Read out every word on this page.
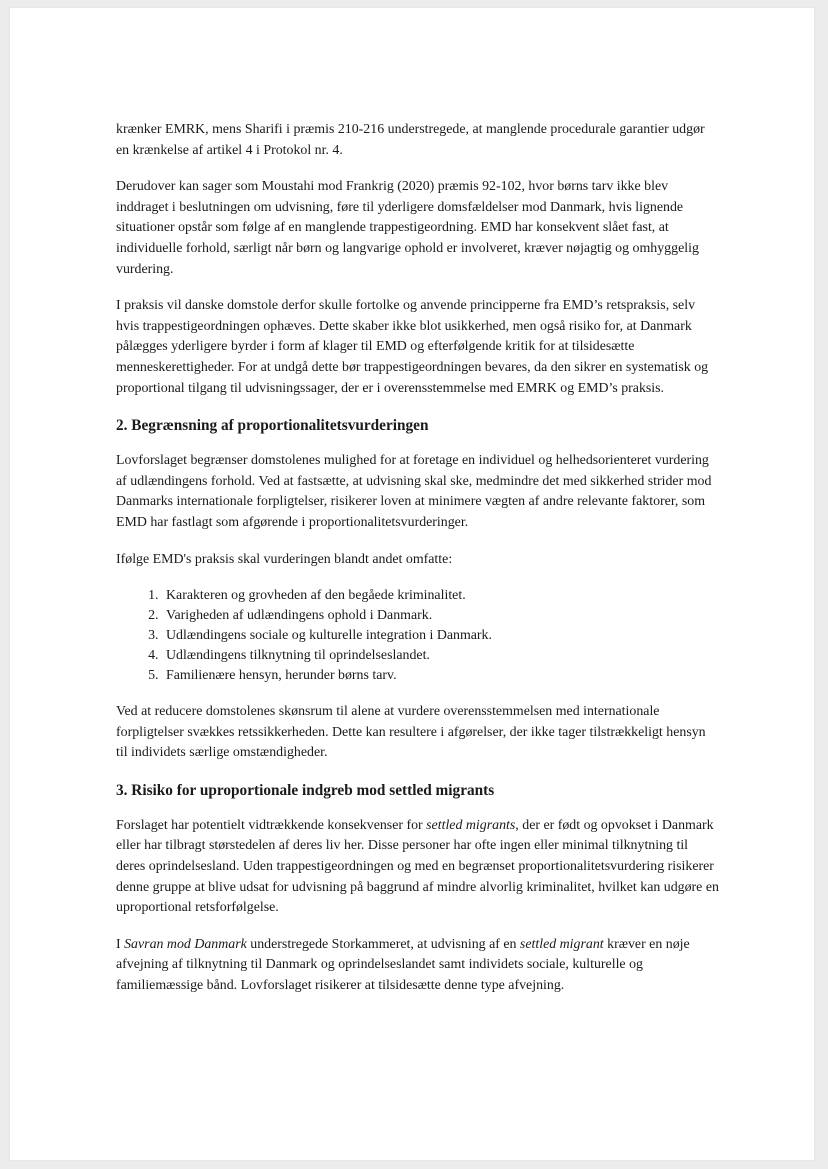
krænker EMRK, mens Sharifi i præmis 210-216 understregede, at manglende procedurale garantier udgør en krænkelse af artikel 4 i Protokol nr. 4.

Derudover kan sager som Moustahi mod Frankrig (2020) præmis 92-102, hvor børns tarv ikke blev inddraget i beslutningen om udvisning, føre til yderligere domsfældelser mod Danmark, hvis lignende situationer opstår som følge af en manglende trappestigeordning. EMD har konsekvent slået fast, at individuelle forhold, særligt når børn og langvarige ophold er involveret, kræver nøjagtig og omhyggelig vurdering.

I praksis vil danske domstole derfor skulle fortolke og anvende principperne fra EMD’s retspraksis, selv hvis trappestigeordningen ophæves. Dette skaber ikke blot usikkerhed, men også risiko for, at Danmark pålægges yderligere byrder i form af klager til EMD og efterfølgende kritik for at tilsidesætte menneskerettigheder. For at undgå dette bør trappestigeordningen bevares, da den sikrer en systematisk og proportional tilgang til udvisningssager, der er i overensstemmelse med EMRK og EMD’s praksis.

2. Begrænsning af proportionalitetsvurderingen

Lovforslaget begrænser domstolenes mulighed for at foretage en individuel og helhedsorienteret vurdering af udlændingens forhold. Ved at fastsætte, at udvisning skal ske, medmindre det med sikkerhed strider mod Danmarks internationale forpligtelser, risikerer loven at minimere vægten af andre relevante faktorer, som EMD har fastlagt som afgørende i proportionalitetsvurderinger.

Ifølge EMD's praksis skal vurderingen blandt andet omfatte:

1. Karakteren og grovheden af den begåede kriminalitet.
2. Varigheden af udlændingens ophold i Danmark.
3. Udlændingens sociale og kulturelle integration i Danmark.
4. Udlændingens tilknytning til oprindelseslandet.
5. Familienære hensyn, herunder børns tarv.

Ved at reducere domstolenes skønsrum til alene at vurdere overensstemmelsen med internationale forpligtelser svækkes retssikkerheden. Dette kan resultere i afgørelser, der ikke tager tilstrækkeligt hensyn til individets særlige omstændigheder.

3. Risiko for uproportionale indgreb mod settled migrants

Forslaget har potentielt vidtrækkende konsekvenser for settled migrants, der er født og opvokset i Danmark eller har tilbragt størstedelen af deres liv her. Disse personer har ofte ingen eller minimal tilknytning til deres oprindelsesland. Uden trappestigeordningen og med en begrænset proportionalitetsvurdering risikerer denne gruppe at blive udsat for udvisning på baggrund af mindre alvorlig kriminalitet, hvilket kan udgøre en uproportional retsforfølgelse.

I Savran mod Danmark understregede Storkammeret, at udvisning af en settled migrant kræver en nøje afvejning af tilknytning til Danmark og oprindelseslandet samt individets sociale, kulturelle og familiemæssige bånd. Lovforslaget risikerer at tilsidesætte denne type afvejning.
